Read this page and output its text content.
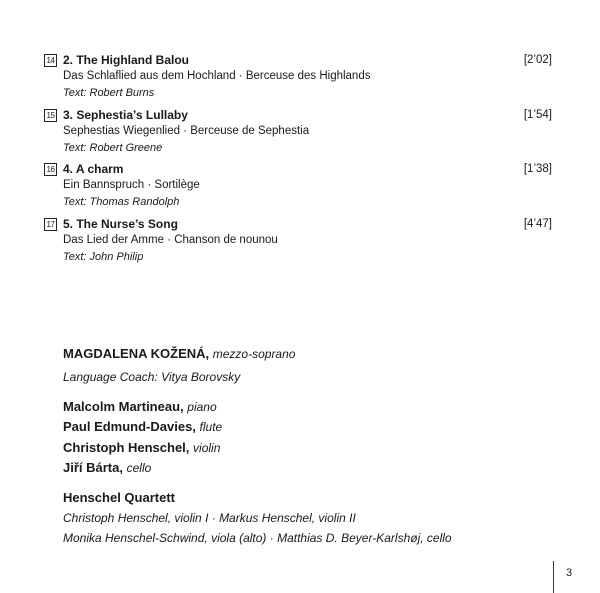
14 2. The Highland Balou	[2’02]
Das Schlaflied aus dem Hochland · Berceuse des Highlands
Text: Robert Burns
15 3. Sephestia’s Lullaby	[1’54]
Sephestias Wiegenlied · Berceuse de Sephestia
Text: Robert Greene
16 4. A charm	[1’38]
Ein Bannspruch · Sortilège
Text: Thomas Randolph
17 5. The Nurse’s Song	[4’47]
Das Lied der Amme · Chanson de nounou
Text: John Philip
MAGDALENA KOŽENÁ, mezzo-soprano
Language Coach: Vitya Borovsky
Malcolm Martineau, piano
Paul Edmund-Davies, flute
Christoph Henschel, violin
Jiří Bárta, cello
Henschel Quartett
Christoph Henschel, violin I · Markus Henschel, violin II
Monika Henschel-Schwind, viola (alto) · Matthias D. Beyer-Karlshøj, cello
3
